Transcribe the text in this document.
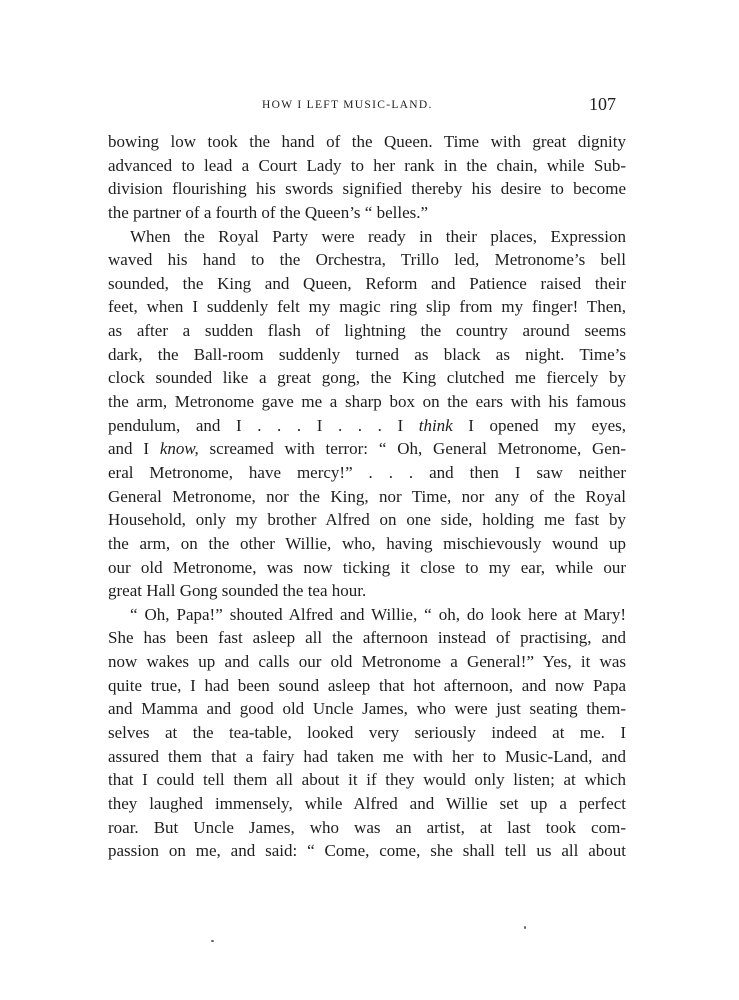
HOW I LEFT MUSIC-LAND.	107
bowing low took the hand of the Queen. Time with great dignity
advanced to lead a Court Lady to her rank in the chain, while Sub-
division flourishing his swords signified thereby his desire to become
the partner of a fourth of the Queen’s “ belles.”
When the Royal Party were ready in their places, Expression
waved his hand to the Orchestra, Trillo led, Metronome’s bell
sounded, the King and Queen, Reform and Patience raised their
feet, when I suddenly felt my magic ring slip from my finger! Then,
as after a sudden flash of lightning the country around seems
dark, the Ball-room suddenly turned as black as night. Time’s
clock sounded like a great gong, the King clutched me fiercely by
the arm, Metronome gave me a sharp box on the ears with his famous
pendulum, and I . . . I . . . I think I opened my eyes,
and I know, screamed with terror: “ Oh, General Metronome, Gen-
eral Metronome, have mercy!” . . . and then I saw neither
General Metronome, nor the King, nor Time, nor any of the Royal
Household, only my brother Alfred on one side, holding me fast by
the arm, on the other Willie, who, having mischievously wound up
our old Metronome, was now ticking it close to my ear, while our
great Hall Gong sounded the tea hour.
“ Oh, Papa!” shouted Alfred and Willie, “ oh, do look here at Mary!
She has been fast asleep all the afternoon instead of practising, and
now wakes up and calls our old Metronome a General!” Yes, it was
quite true, I had been sound asleep that hot afternoon, and now Papa
and Mamma and good old Uncle James, who were just seating them-
selves at the tea-table, looked very seriously indeed at me. I
assured them that a fairy had taken me with her to Music-Land, and
that I could tell them all about it if they would only listen; at which
they laughed immensely, while Alfred and Willie set up a perfect
roar. But Uncle James, who was an artist, at last took com-
passion on me, and said: “ Come, come, she shall tell us all about
